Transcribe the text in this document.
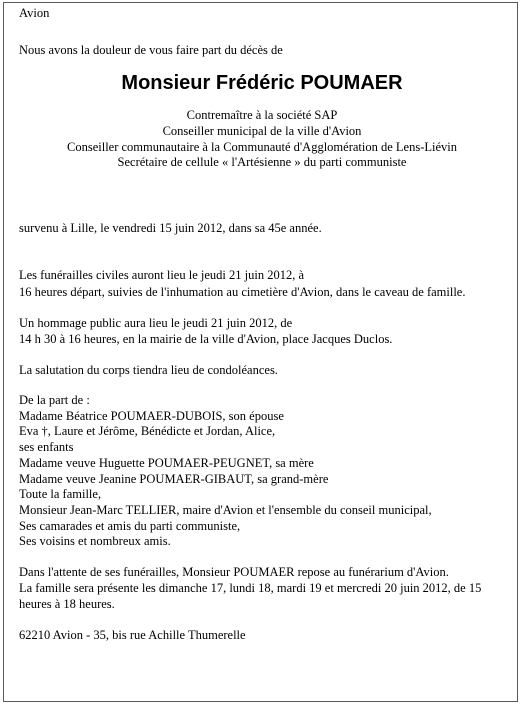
Avion
Nous avons la douleur de vous faire part du décès de
Monsieur Frédéric POUMAER
Contremaître à la société SAP
Conseiller municipal de la ville d'Avion
Conseiller communautaire à la Communauté d'Agglomération de Lens-Liévin
Secrétaire de cellule « l'Artésienne » du parti communiste
survenu à Lille, le vendredi 15 juin 2012, dans sa 45e année.
Les funérailles civiles auront lieu le jeudi 21 juin 2012, à
16 heures départ, suivies de l'inhumation au cimetière d'Avion, dans le caveau de famille.
Un hommage public aura lieu le jeudi 21 juin 2012, de
14 h 30 à 16 heures, en la mairie de la ville d'Avion, place Jacques Duclos.
La salutation du corps tiendra lieu de condoléances.
De la part de :
Madame Béatrice POUMAER-DUBOIS, son épouse
Eva †, Laure et Jérôme, Bénédicte et Jordan, Alice,
ses enfants
Madame veuve Huguette POUMAER-PEUGNET, sa mère
Madame veuve Jeanine POUMAER-GIBAUT, sa grand-mère
Toute la famille,
Monsieur Jean-Marc TELLIER, maire d'Avion et l'ensemble du conseil municipal,
Ses camarades et amis du parti communiste,
Ses voisins et nombreux amis.
Dans l'attente de ses funérailles, Monsieur POUMAER repose au funérarium d'Avion.
La famille sera présente les dimanche 17, lundi 18, mardi 19 et mercredi 20 juin 2012, de 15
heures à 18 heures.
62210 Avion - 35, bis rue Achille Thumerelle
